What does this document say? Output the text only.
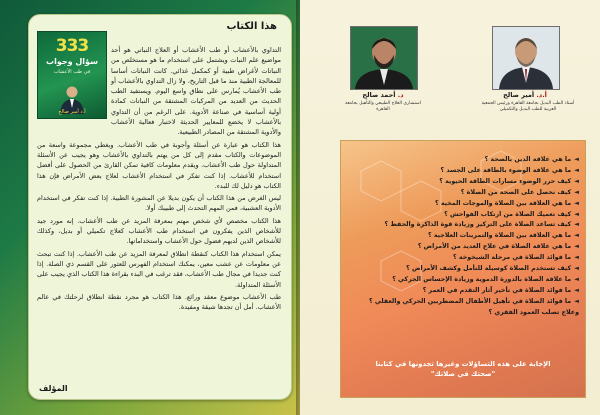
هذا الكتاب
333
سؤال وجواب
في طب الأعشاب
أ.د أمير صالح

التداوي بالأعشاب أو طب الأعشاب أو العلاج النباتي هو أحد مواضيع علم النبات ويشتمل على استخدام ما هو مستخلص من النباتات لأغراض طبية أو كمكمل غذائي. كانت النباتات أساسا للمعالجة الطبية منذ ما قبل التاريخ، ولا زال التداوي بالأعشاب أو طب الأعشاب يُمارس على نطاق واسع اليوم. ويستفيد الطب الحديث من العديد من المركبات المشتقة من النباتات كمادة أولية أساسية في صناعة الأدوية. على الرغم من أن التداوي بالأعشاب لا يخضع للمعايير الحديثة لاختبار فعالية الأعشاب والأدوية المشتقة من المصادر الطبيعية.

هذا الكتاب هو عبارة عن أسئلة وأجوبة في طب الأعشاب. ويغطي مجموعة واسعة من الموضوعات والكتاب مقدم إلى كل من يهتم بالتداوي بالأعشاب وهو يجيب عن الأسئلة المتداولة حول طب الأعشاب. ويقدم معلومات كافية تمكن القارئ من الحصول على أفضل استخدام للأعشاب. إذا كنت تفكر في استخدام الأعشاب لعلاج بعض الأمراض فإن هذا الكتاب هو دليل لك للبدء.

ليس الغرض من هذا الكتاب أن يكون بديلا عن المشورة الطبية. إذا كنت تفكر في استخدام الأدوية العشبية، فمن المهم التحدث إلى طبيبك أولا.

هذا الكتاب مخصص لأي شخص مهتم بمعرفة المزيد عن طب الأعشاب. إنه مورد جيد للأشخاص الذين يفكرون في استخدام طب الأعشاب كعلاج تكميلي أو بديل، وكذلك للأشخاص الذين لديهم فضول حول الأعشاب واستخداماتها.

يمكن استخدام هذا الكتاب كنقطة انطلاق لمعرفة المزيد عن طب الأعشاب. إذا كنت تبحث عن معلومات عن عشب معين، يمكنك استخدام الفهرس للعثور على القسم ذي الصلة. إذا كنت جديدا في مجال طب الأعشاب، فقد ترغب في البدء بقراءة هذا الكتاب الذي يجيب على الأسئلة المتداولة.

طب الأعشاب موضوع معقد ورائع. هذا الكتاب هو مجرد نقطة انطلاق لرحلتك في عالم الأعشاب. أمل أن تجدها شيقة ومفيدة.

المؤلف
أ.د. أمير صالح
أستاذ الطب البديل بجامعة القاهرة ورئيس الجمعية العربية للطب البديل والتكميلي
د. أحمد صالح
استشاري العلاج الطبيعي والتأهيل بجامعة القاهرة
◄ما هي علاقة الدين بالصحة ؟
◄ما هي علاقة الوضوء بالطاقة على الجسد ؟
◄كيف حرر الوضوء مسارات الطاقة الحيوية ؟
◄كيف نحصل على الصحة من الصلاة ؟
◄ما هي العلاقة بين الصلاة والموجات المخية ؟
◄كيف تعميك الصلاة من ارتكاب الفواحش ؟
◄كيف تساعد الصلاة على التركيز وزيادة قوة الذاكرة والحفظ ؟
◄ما هي العلاقة بين الصلاة والتمرينات العلاجية ؟
◄ما هي علاقة الصلاة في علاج العديد من الأمراض ؟
◄ما فوائد الصلاة في مرحلة الشيخوخة ؟
◄كيف تستخدم الصلاة كوسيلة للتأمل وكشف الأمراض ؟
◄ما علاقة الصلاة بالدورة الدموية وزيادة الإحساس الحركي ؟
◄ما فوائد الصلاة في تأخير آثار التقدم في العمر ؟
◄ما فوائد الصلاة في تأهيل الأطفال المضطربين الحركي والعقلي ؟
وعلاج تصلب العمود الفقري ؟
الإجابة على هذه التساؤلات وغيرها تجدونها في كتابنا
"صحتك في صلاتك"
